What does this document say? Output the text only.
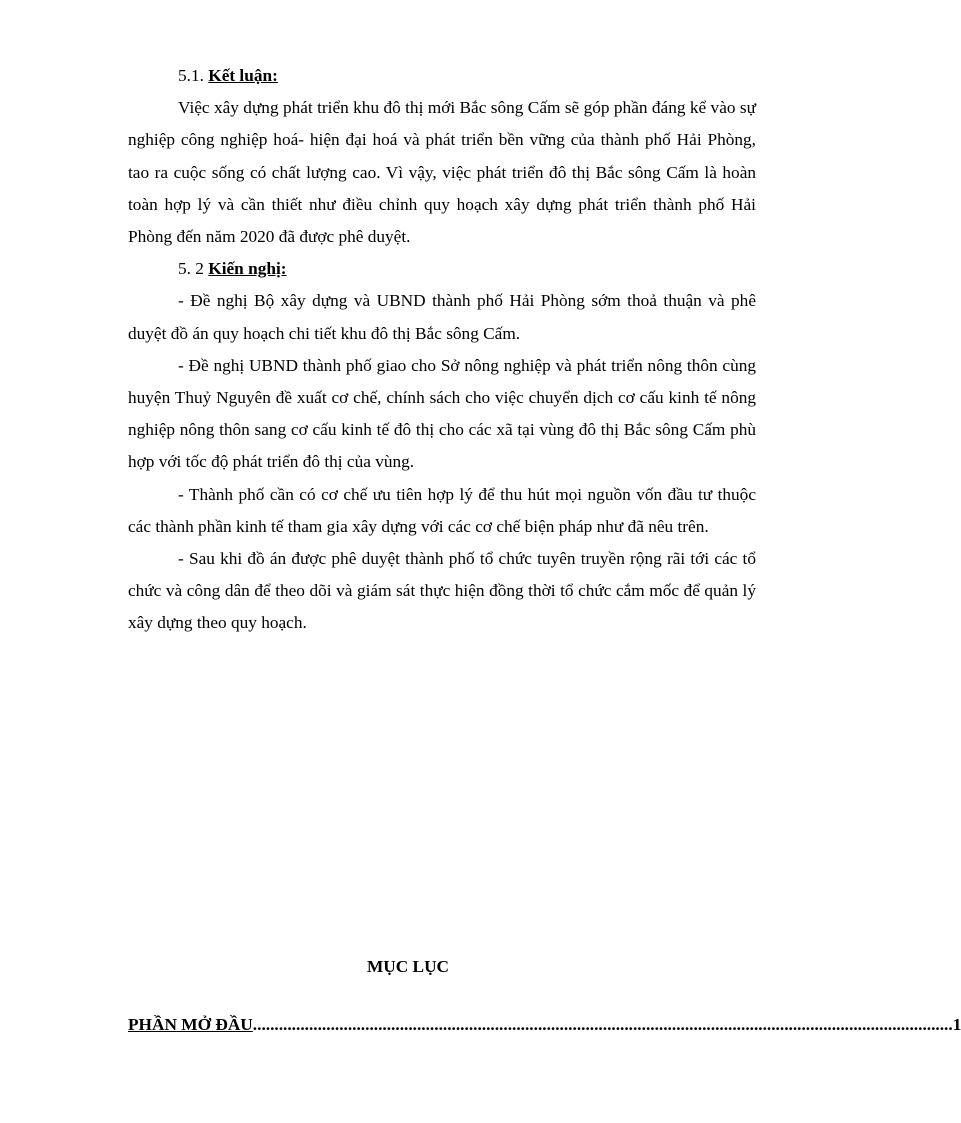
5.1. Kết luận:

Việc xây dựng phát triển khu đô thị mới Bắc sông Cấm sẽ góp phần đáng kể vào sự nghiệp công nghiệp hoá- hiện đại hoá và phát triển bền vững của thành phố Hải Phòng, tao ra cuộc sống có chất lượng cao. Vì vậy, việc phát triển đô thị Bắc sông Cấm là hoàn toàn hợp lý và cần thiết như điều chỉnh quy hoạch xây dựng phát triển thành phố Hải Phòng đến năm 2020 đã được phê duyệt.

5. 2 Kiến nghị:

- Đề nghị Bộ xây dựng và UBND thành phố Hải Phòng sớm thoả thuận và phê duyệt đồ án quy hoạch chi tiết khu đô thị Bắc sông Cấm.

- Đề nghị UBND thành phố giao cho Sở nông nghiệp và phát triển nông thôn cùng huyện Thuỷ Nguyên đề xuất cơ chế, chính sách cho việc chuyển dịch cơ cấu kinh tế nông nghiệp nông thôn sang cơ cấu kinh tế đô thị cho các xã tại vùng đô thị Bắc sông Cấm phù hợp với tốc độ phát triển đô thị của vùng.

- Thành phố cần có cơ chế ưu tiên hợp lý để thu hút mọi nguồn vốn đầu tư thuộc các thành phần kinh tế tham gia xây dựng với các cơ chế biện pháp như đã nêu trên.

- Sau khi đồ án được phê duyệt thành phố tổ chức tuyên truyền rộng rãi tới các tổ chức và công dân để theo dõi và giám sát thực hiện đồng thời tổ chức cắm mốc để quản lý xây dựng theo quy hoạch.

MỤC LỤC
PHẦN MỞ ĐẦU .................................................................................................................................................................. 1
